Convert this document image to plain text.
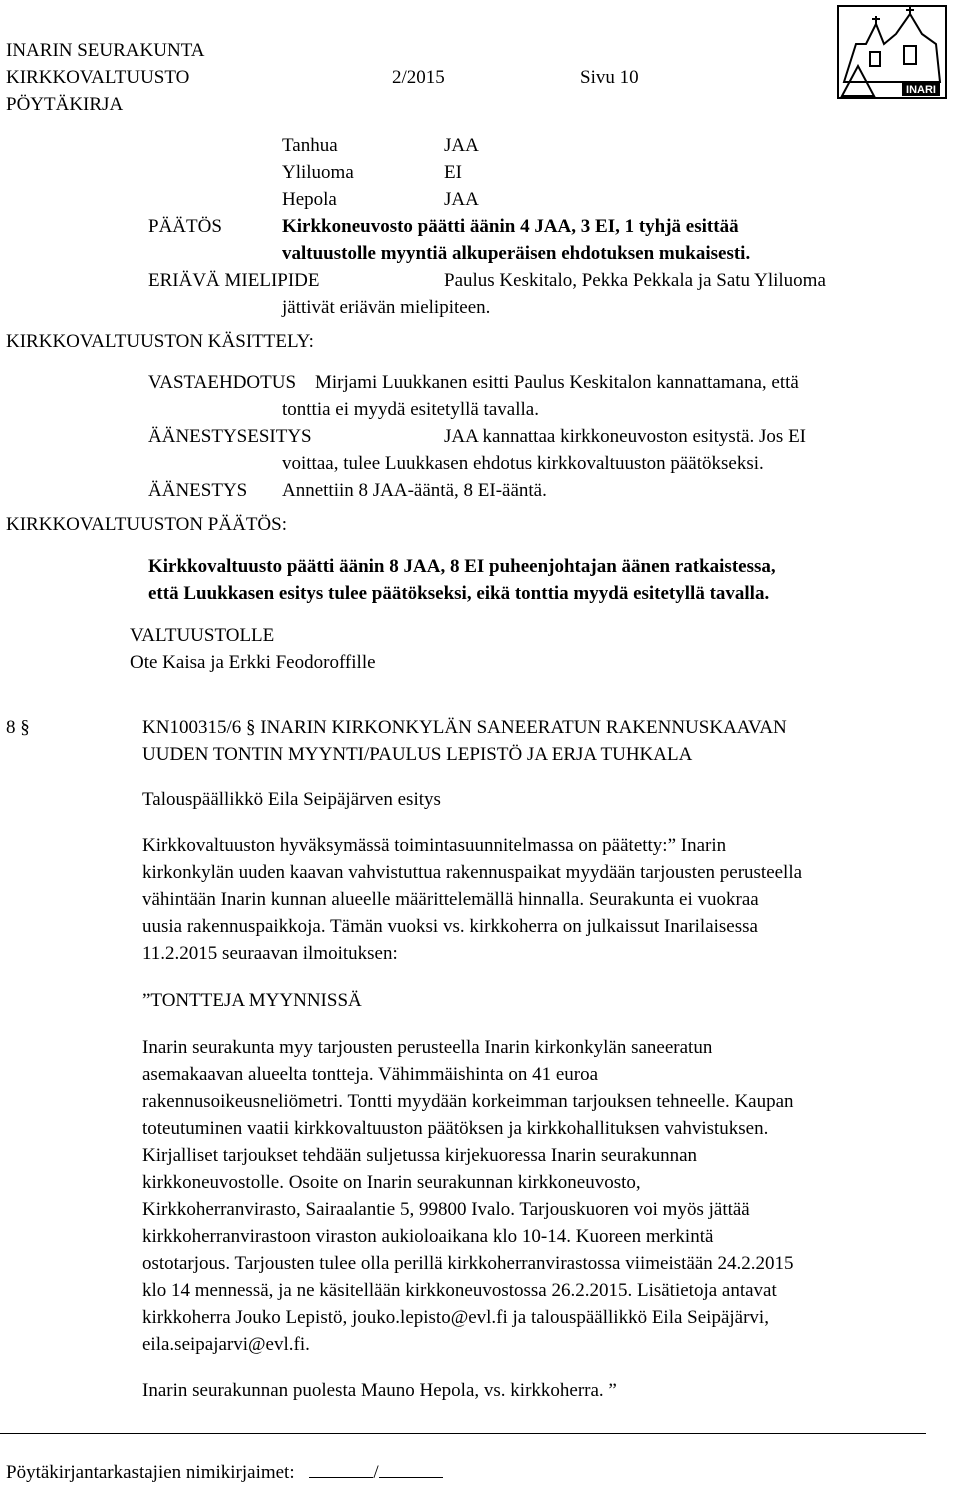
INARIN SEURAKUNTA
KIRKKOVALTUUSTO	2/2015	Sivu 10
PÖYTÄKIRJA
INARI
Tanhua	JAA
Yliluoma	EI
Hepola	JAA
PÄÄTÖS	Kirkkoneuvosto päätti äänin 4 JAA, 3 EI, 1 tyhjä esittää
valtuustolle myyntiä alkuperäisen ehdotuksen mukaisesti.
ERIÄVÄ MIELIPIDE	Paulus Keskitalo, Pekka Pekkala ja Satu Yliluoma
jättivät eriävän mielipiteen.
KIRKKOVALTUUSTON KÄSITTELY:
VASTAEHDOTUS Mirjami Luukkanen esitti Paulus Keskitalon kannattamana, että
tonttia ei myydä esitetyllä tavalla.
ÄÄNESTYSESITYS	JAA kannattaa kirkkoneuvoston esitystä. Jos EI
voittaa, tulee Luukkasen ehdotus kirkkovaltuuston päätökseksi.
ÄÄNESTYS Annettiin 8 JAA-ääntä, 8 EI-ääntä.
KIRKKOVALTUUSTON PÄÄTÖS:
Kirkkovaltuusto päätti äänin 8 JAA, 8 EI puheenjohtajan äänen ratkaistessa,
että Luukkasen esitys tulee päätökseksi, eikä tonttia myydä esitetyllä tavalla.
VALTUUSTOLLE
Ote Kaisa ja Erkki Feodoroffille
8 §	KN100315/6 § INARIN KIRKONKYLÄN SANEERATUN RAKENNUSKAAVAN
UUDEN TONTIN MYYNTI/PAULUS LEPISTÖ JA ERJA TUHKALA
Talouspäällikkö Eila Seipäjärven esitys
Kirkkovaltuuston hyväksymässä toimintasuunnitelmassa on päätetty:” Inarin
kirkonkylän uuden kaavan vahvistuttua rakennuspaikat myydään tarjousten perusteella
vähintään Inarin kunnan alueelle määrittelemällä hinnalla. Seurakunta ei vuokraa
uusia rakennuspaikkoja. Tämän vuoksi vs. kirkkoherra on julkaissut Inarilaisessa
11.2.2015 seuraavan ilmoituksen:
”TONTTEJA MYYNNISSÄ
Inarin seurakunta myy tarjousten perusteella Inarin kirkonkylän saneeratun
asemakaavan alueelta tontteja. Vähimmäishinta on 41 euroa
rakennusoikeusneliömetri. Tontti myydään korkeimman tarjouksen tehneelle. Kaupan
toteutuminen vaatii kirkkovaltuuston päätöksen ja kirkkohallituksen vahvistuksen.
Kirjalliset tarjoukset tehdään suljetussa kirjekuoressa Inarin seurakunnan
kirkkoneuvostolle. Osoite on Inarin seurakunnan kirkkoneuvosto,
Kirkkoherranvirasto, Sairaalantie 5, 99800 Ivalo. Tarjouskuoren voi myös jättää
kirkkoherranvirastoon viraston aukioloaikana klo 10-14. Kuoreen merkintä
ostotarjous. Tarjousten tulee olla perillä kirkkoherranvirastossa viimeistään 24.2.2015
klo 14 mennessä, ja ne käsitellään kirkkoneuvostossa 26.2.2015. Lisätietoja antavat
kirkkoherra Jouko Lepistö, jouko.lepisto@evl.fi ja talouspäällikkö Eila Seipäjärvi,
eila.seipajarvi@evl.fi.
Inarin seurakunnan puolesta Mauno Hepola, vs. kirkkoherra. ”
Pöytäkirjantarkastajien nimikirjaimet:	/
